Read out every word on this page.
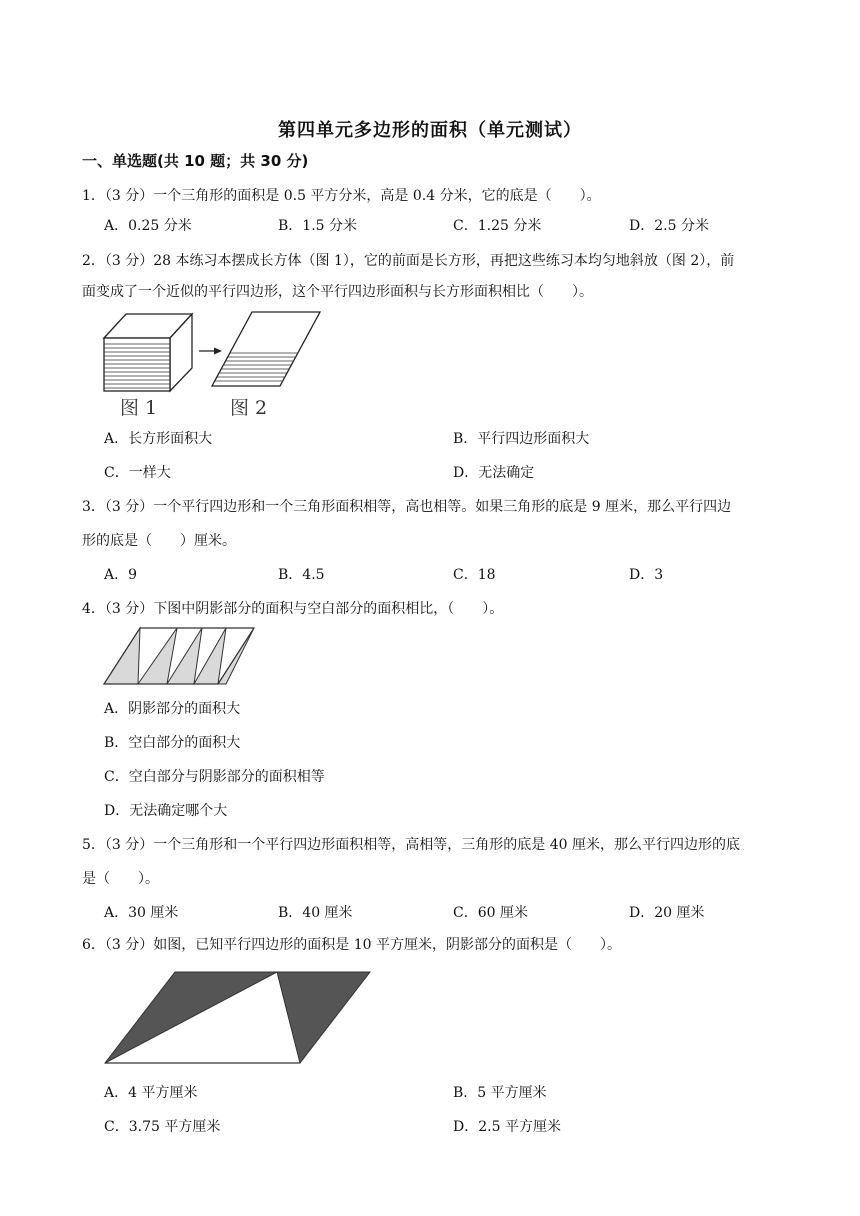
第四单元多边形的面积（单元测试）
一、单选题(共 10 题；共 30 分)
1．（3 分）一个三角形的面积是 0.5 平方分米，高是 0.4 分米，它的底是（　　）。
A．0.25 分米	B．1.5 分米	C．1.25 分米	D．2.5 分米
2．（3 分）28 本练习本摆成长方体（图 1），它的前面是长方形，再把这些练习本均匀地斜放（图 2），前
面变成了一个近似的平行四边形，这个平行四边形面积与长方形面积相比（　　）。
图 1	图 2
A．长方形面积大	B．平行四边形面积大
C．一样大	D．无法确定
3．（3 分）一个平行四边形和一个三角形面积相等，高也相等。如果三角形的底是 9 厘米，那么平行四边
形的底是（　　）厘米。
A．9	B．4.5	C．18	D．3
4．（3 分）下图中阴影部分的面积与空白部分的面积相比，（　　）。
A．阴影部分的面积大
B．空白部分的面积大
C．空白部分与阴影部分的面积相等
D．无法确定哪个大
5．（3 分）一个三角形和一个平行四边形面积相等，高相等，三角形的底是 40 厘米，那么平行四边形的底
是（　　）。
A．30 厘米	B．40 厘米	C．60 厘米	D．20 厘米
6．（3 分）如图，已知平行四边形的面积是 10 平方厘米，阴影部分的面积是（　　）。
A．4 平方厘米	B．5 平方厘米
C．3.75 平方厘米	D．2.5 平方厘米
